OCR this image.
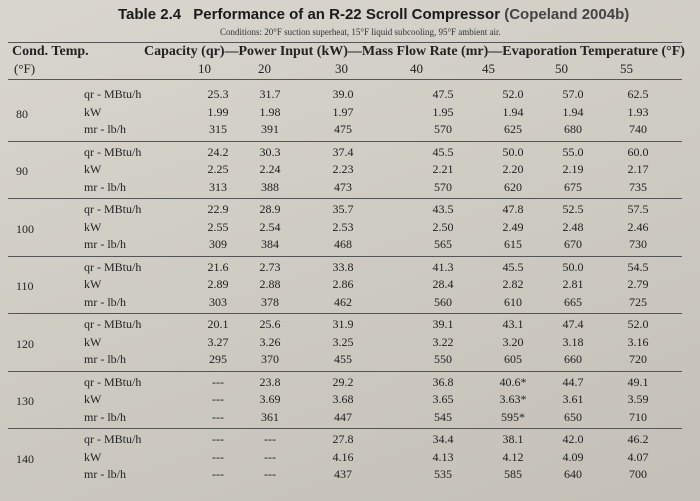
Table 2.4 Performance of an R-22 Scroll Compressor (Copeland 2004b)
Conditions: 20°F suction superheat, 15°F liquid subcooling, 95°F ambient air.
Cond. Temp.	Capacity (qr)—Power Input (kW)—Mass Flow Rate (mr)—Evaporation Temperature (°F)
(°F)	10	20	30	40	45	50	55
80
qr - MBtu/h	25.3	31.7	39.0	47.5	52.0	57.0	62.5
kW	1.99	1.98	1.97	1.95	1.94	1.94	1.93
mr - lb/h	315	391	475	570	625	680	740
90
qr - MBtu/h	24.2	30.3	37.4	45.5	50.0	55.0	60.0
kW	2.25	2.24	2.23	2.21	2.20	2.19	2.17
mr - lb/h	313	388	473	570	620	675	735
100
qr - MBtu/h	22.9	28.9	35.7	43.5	47.8	52.5	57.5
kW	2.55	2.54	2.53	2.50	2.49	2.48	2.46
mr - lb/h	309	384	468	565	615	670	730
110
qr - MBtu/h	21.6	2.73	33.8	41.3	45.5	50.0	54.5
kW	2.89	2.88	2.86	28.4	2.82	2.81	2.79
mr - lb/h	303	378	462	560	610	665	725
120
qr - MBtu/h	20.1	25.6	31.9	39.1	43.1	47.4	52.0
kW	3.27	3.26	3.25	3.22	3.20	3.18	3.16
mr - lb/h	295	370	455	550	605	660	720
130
qr - MBtu/h	---	23.8	29.2	36.8	40.6*	44.7	49.1
kW	---	3.69	3.68	3.65	3.63*	3.61	3.59
mr - lb/h	---	361	447	545	595*	650	710
140
qr - MBtu/h	---	---	27.8	34.4	38.1	42.0	46.2
kW	---	---	4.16	4.13	4.12	4.09	4.07
mr - lb/h	---	---	437	535	585	640	700
